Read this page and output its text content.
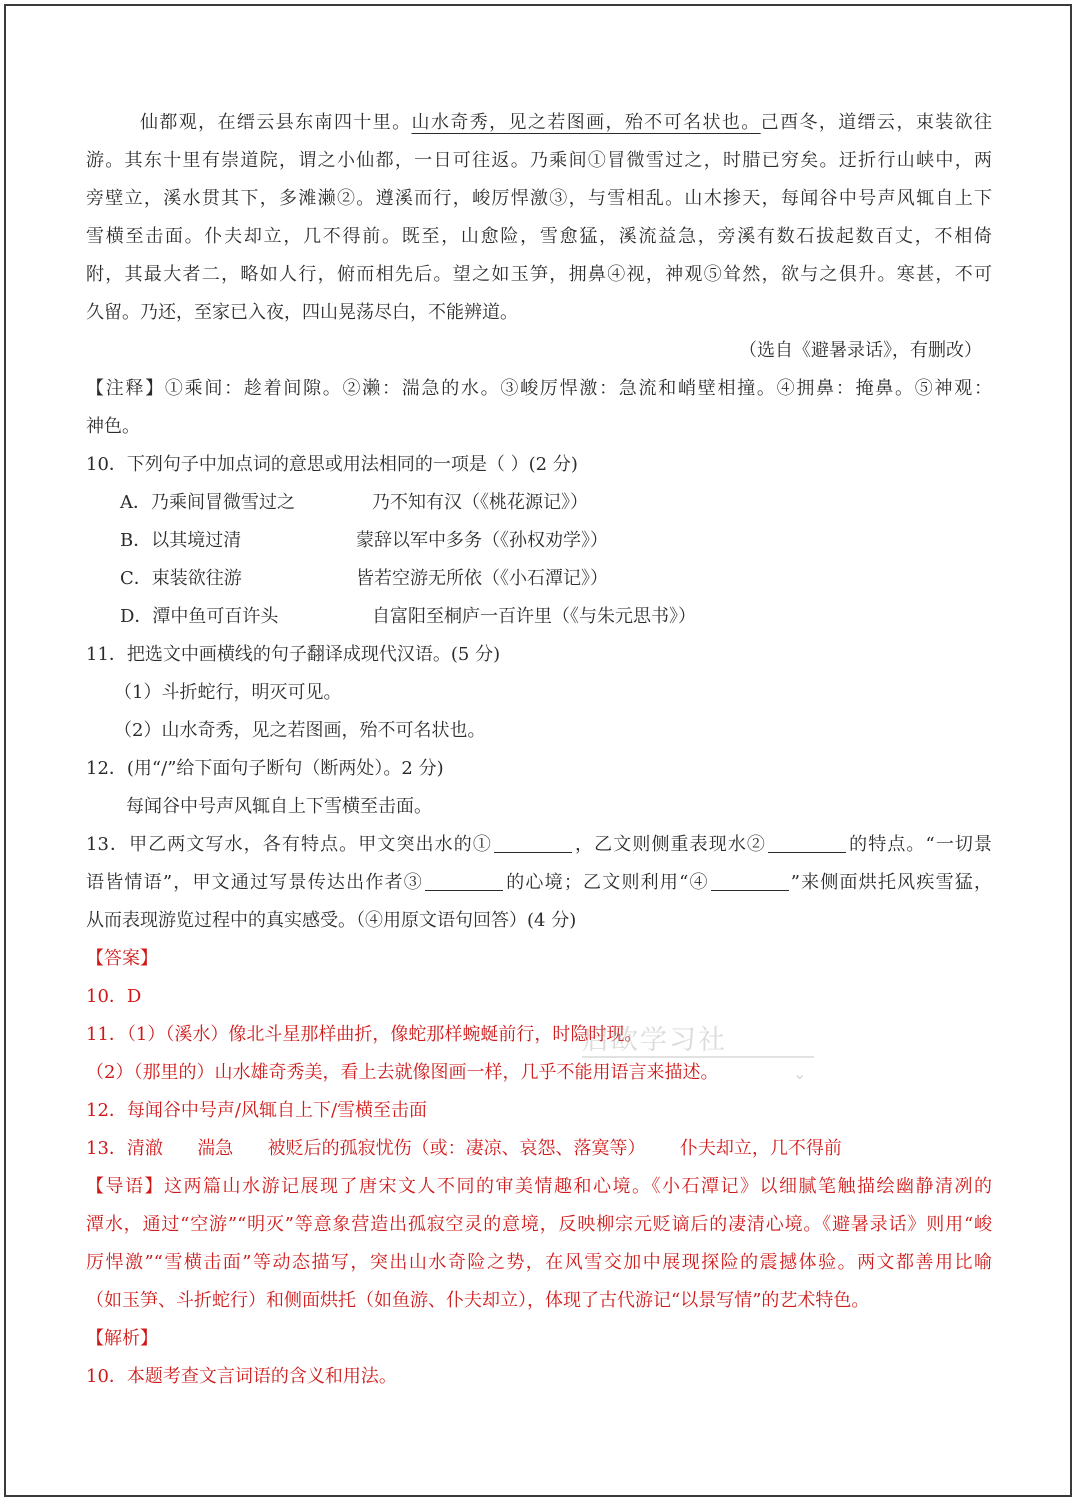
仙都观，在缙云县东南四十里。山水奇秀，见之若图画，殆不可名状也。己酉冬，道缙云，束装欲往
游。其东十里有崇道院，谓之小仙都，一日可往返。乃乘间①冒微雪过之，时腊已穷矣。迂折行山峡中，两
旁壁立，溪水贯其下，多滩濑②。遵溪而行，峻厉悍激③，与雪相乱。山木掺天，每闻谷中号声风辄自上下
雪横至击面。仆夫却立，几不得前。既至，山愈险，雪愈猛，溪流益急，旁溪有数石拔起数百丈，不相倚
附，其最大者二，略如人行，俯而相先后。望之如玉笋，拥鼻④视，神观⑤耸然，欲与之俱升。寒甚，不可
久留。乃还，至家已入夜，四山晃荡尽白，不能辨道。
（选自《避暑录话》，有删改）
【注释】①乘间：趁着间隙。②濑：湍急的水。③峻厉悍激：急流和峭壁相撞。④拥鼻：掩鼻。⑤神观：
神色。
10．下列句子中加点词的意思或用法相同的一项是（ ）(2 分)
A．乃乘间冒微雪过之	乃不知有汉（《桃花源记》）
B．以其境过清	蒙辞以军中多务（《孙权劝学》）
C．束装欲往游	皆若空游无所依（《小石潭记》）
D．潭中鱼可百许头	自富阳至桐庐一百许里（《与朱元思书》）
11．把选文中画横线的句子翻译成现代汉语。(5 分)
（1）斗折蛇行，明灭可见。
（2）山水奇秀，见之若图画，殆不可名状也。
12．(用“/”给下面句子断句（断两处）。2 分)
每闻谷中号声风辄自上下雪横至击面。
13．甲乙两文写水，各有特点。甲文突出水的①	，乙文则侧重表现水②	的特点。“一切景
语皆情语”，甲文通过写景传达出作者③	的心境；乙文则利用“④	”来侧面烘托风疾雪猛，
从而表现游览过程中的真实感受。（④用原文语句回答）(4 分)
【答案】
10．D
11．（1）（溪水）像北斗星那样曲折，像蛇那样蜿蜒前行，时隐时现。
（2）（那里的）山水雄奇秀美，看上去就像图画一样，几乎不能用语言来描述。
12．每闻谷中号声/风辄自上下/雪横至击面
13．清澈      湍急      被贬后的孤寂忧伤（或：凄凉、哀怨、落寞等）      仆夫却立，几不得前
【导语】这两篇山水游记展现了唐宋文人不同的审美情趣和心境。《小石潭记》以细腻笔触描绘幽静清冽的
潭水，通过“空游”“明灭”等意象营造出孤寂空灵的意境，反映柳宗元贬谪后的凄清心境。《避暑录话》则用“峻
厉悍激”“雪横击面”等动态描写，突出山水奇险之势，在风雪交加中展现探险的震撼体验。两文都善用比喻
（如玉笋、斗折蛇行）和侧面烘托（如鱼游、仆夫却立），体现了古代游记“以景写情”的艺术特色。
【解析】
10．本题考查文言词语的含义和用法。
启欧学习社
⌄
